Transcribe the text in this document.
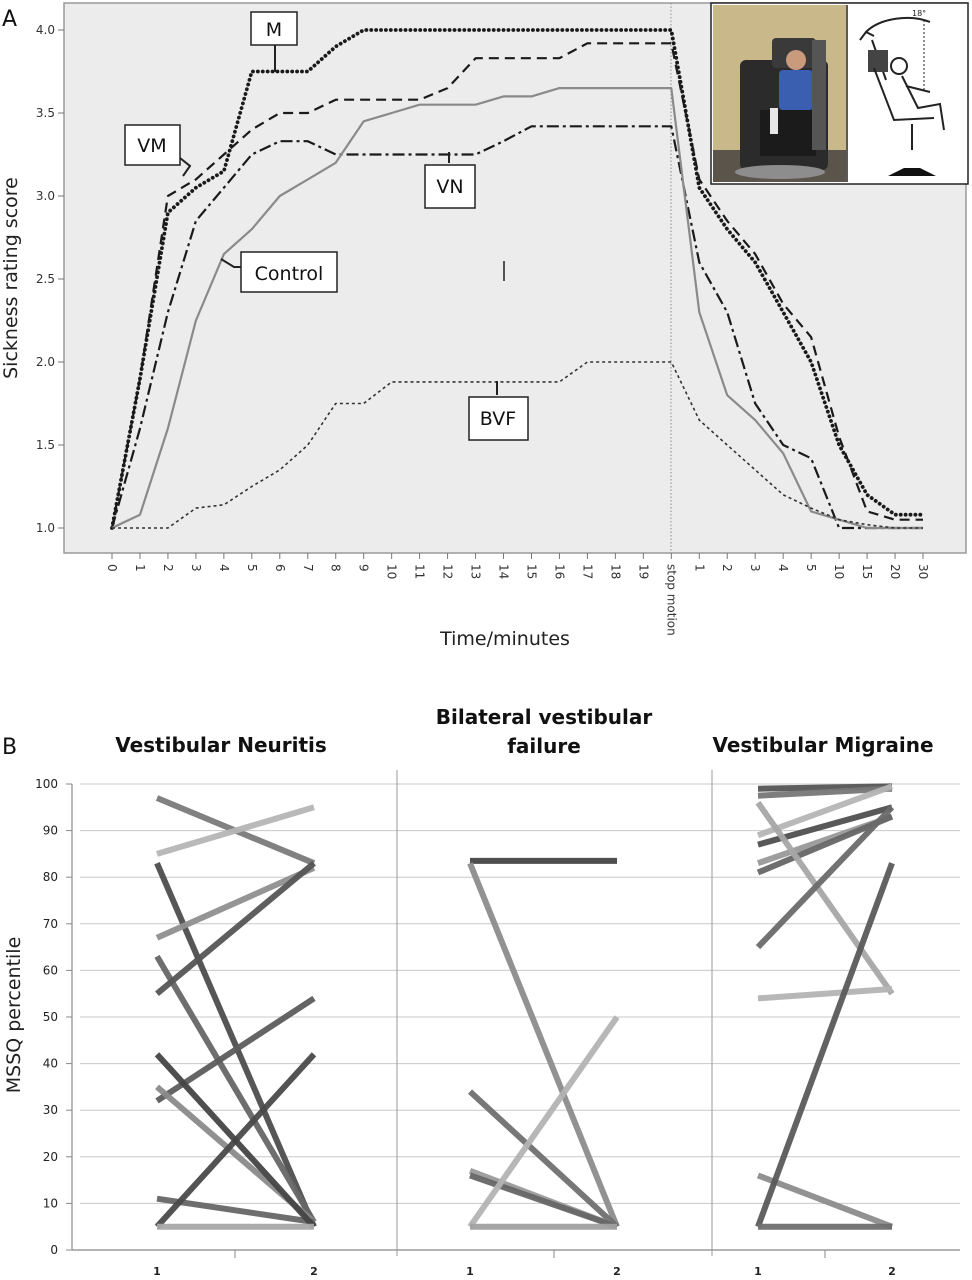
A
1.0
1.5
2.0
2.5
3.0
3.5
4.0
0 1 2 3 4 5 6 7 8 9 10 11 12 13 14 15 16 17 18 19 stop motion 1 2 3 4 5 10 15 20 30
M
VM
VN
Control
BVF
18°
Sickness rating score
Time/minutes
B
MSSQ percentile
0
10
20
30
40
50
60
70
80
90
100
1	2	1	2	1	2
Vestibular Neuritis
Bilateral vestibular
failure	Vestibular Migraine
